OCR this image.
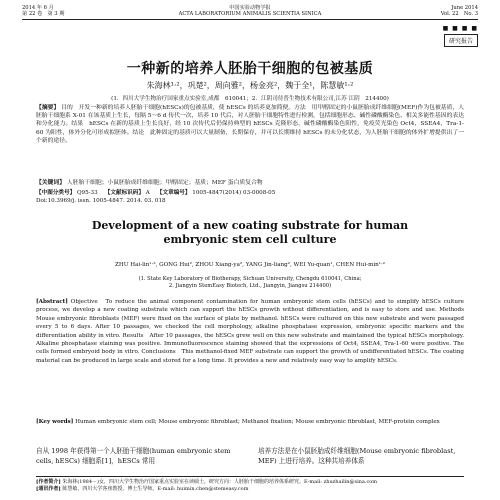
2014 年 6 月
第 22 卷　第 3 期
中国实验动物学报
ACTA LABORATORIUM ANIMALIS SCIENTIA SINICA
June 2014
Vol. 22　No. 3
■ ■ ■ ■
研究报告
一种新的培养人胚胎干细胞的包被基质
朱海林¹·²，巩楚²，周向雅²，杨金亮²，魏于全¹，陈慧敏¹·²
(1．四川大学生物治疗国家重点实验室,成都　610041；2．江阴司侍普生物技术有限公司,江苏 江阴　214400)
【摘要】 目的　开发一种新的培养人胚胎干细胞(hESCs)的包被基质，使 hESCs 的培养更加简便。方法　用甲醇固定的小鼠胚胎成纤维细胞(MEF)作为包被基质，人胚胎干细胞系 X-01 在该基质上生长，每隔 5～6 d 传代一次，培养 10 代后，对人胚胎干细胞特性进行检测，包括细胞形态、碱性磷酸酶染色、相关多能性基因的表达和分化能力。结果　hESCs 在新的基质上生长良好，经 10 次传代后仍保持典型的 hESCs 克隆形态，碱性磷酸酶染色阳性，免疫荧光染色 Oct4，SSEA4，Tra-1-60 为阳性，体外分化可形成拟胚体。结论　此种固定的基质可以大量制备，长期保存，并可以长期维持 hESCs 的未分化状态，为人胚胎干细胞的体外扩增提供出了一个新的途径。
【关键词】 人胚胎干细胞；小鼠胚胎成纤维细胞；甲醇固定；基质；MEF 蛋白质复合物
【中图分类号】 Q95-33 【文献标识码】 A 【文章编号】 1005-4847(2014) 03-0008-05
Doi:10.3969/j. issn. 1005-4847. 2014. 03. 018
Development of a new coating substrate for human embryonic stem cell culture
ZHU Hai-lin¹·², GONG Hui², ZHOU Xiang-ya², YANG Jin-liang², WEI Yu-quan¹, CHEN Hui-min¹·²
(1. State Key Laboratory of Biotherapy, Sichuan University, Chengdu 610041, China;
2. Jiangyin StemEasy Biotech, Ltd., Jiangyin, Jiangsu 214400)
[Abstract] Objective　To reduce the animal component contamination for human embryonic stem cells (hESCs) and to simplify hESCs culture process, we develop a new coating substrate which can support the hESCs growth without differentiation, and is easy to store and use. Methods　Mouse embryonic fibroblasts (MEF) were fixed on the surface of plate by methanol. hESCs were cultured on this new substrate and were passaged every 5 to 6 days. After 10 passages, we checked the cell morphology, alkaline phosphatase expression, embryonic specific markers and the differentiation ability in vitro. Results　After 10 passages, the hESCs grew well on this new substrate and maintained the typical hESCs morphology. Alkaline phosphatase staining was positive. Immunofluorescence staining showed that the expressions of Oct4, SSEA4, Tra-1-60 were positive. The cells formed embryoid body in vitro. Conclusions　This methanol-fixed MEF substrate can support the growth of undifferentiated hESCs. The coating material can be produced in large scale and stored for a long time. It provides a new and relatively easy way to amplify hESCs.
[Key words] Human embryonic stem cell; Mouse embryonic fibroblast; Methanol fixation; Mouse embryonic fibroblast, MEF-protein complex
自从 1998 年获得第一个人胚胎干细胞(human embryonic stem cells, hESCs) 细胞系[1]，hESCs 常用
培养方法是在小鼠胚胎成纤维细胞(Mouse embryonic fibroblast, MEF) 上进行培养。这种共培养体系
[作者简介] 朱海林(1984－)女，四川大学生物治疗国家重点实验室在读硕士，研究方向：人胚胎干细胞的培养体系研究。E-mail: zhuzhailin@sina.com
[通讯作者] 陈慧敏，四川大学客座教授，博士生导师。E-mail: huimin.chen@stemeasy.com
